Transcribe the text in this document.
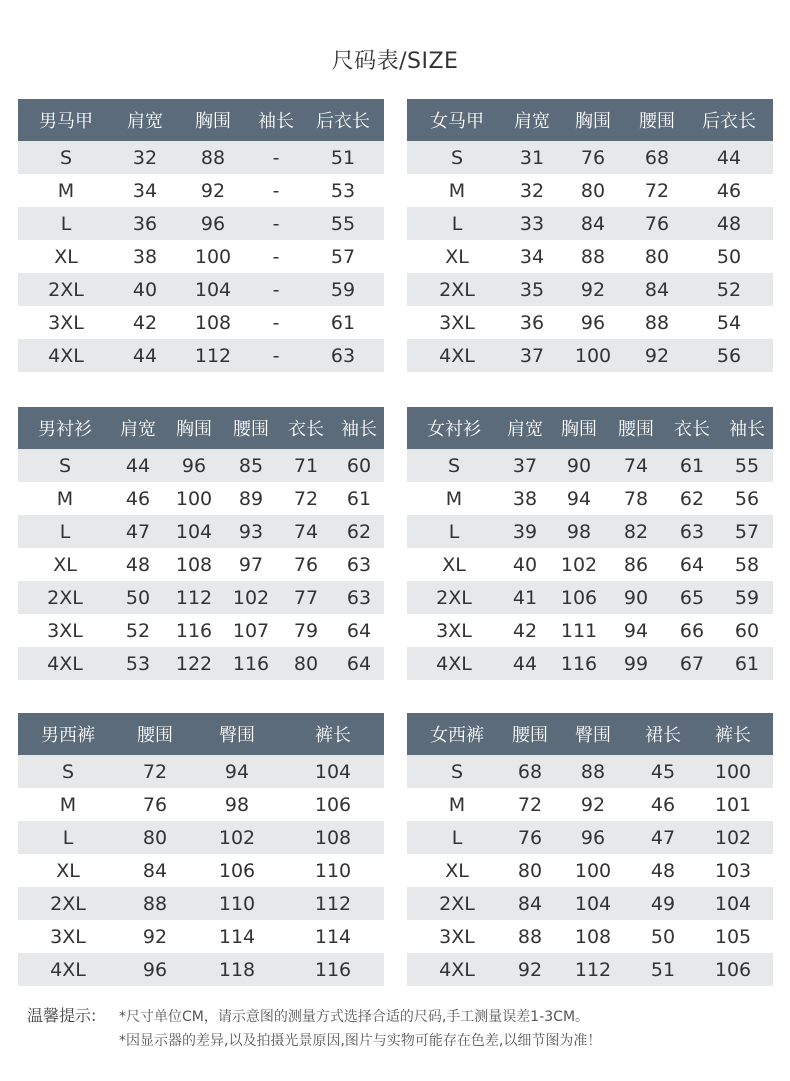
尺码表/SIZE
男马甲	肩宽	胸围	袖长	后衣长
S	32	88	-	51
M	34	92	-	53
L	36	96	-	55
XL	38	100	-	57
2XL	40	104	-	59
3XL	42	108	-	61
4XL	44	112	-	63
女马甲	肩宽	胸围	腰围	后衣长
S	31	76	68	44
M	32	80	72	46
L	33	84	76	48
XL	34	88	80	50
2XL	35	92	84	52
3XL	36	96	88	54
4XL	37	100	92	56
男衬衫	肩宽	胸围	腰围	衣长	袖长
S	44	96	85	71	60
M	46	100	89	72	61
L	47	104	93	74	62
XL	48	108	97	76	63
2XL	50	112	102	77	63
3XL	52	116	107	79	64
4XL	53	122	116	80	64
女衬衫	肩宽	胸围	腰围	衣长	袖长
S	37	90	74	61	55
M	38	94	78	62	56
L	39	98	82	63	57
XL	40	102	86	64	58
2XL	41	106	90	65	59
3XL	42	111	94	66	60
4XL	44	116	99	67	61
男西裤	腰围	臀围	裤长
S	72	94	104
M	76	98	106
L	80	102	108
XL	84	106	110
2XL	88	110	112
3XL	92	114	114
4XL	96	118	116
女西裤	腰围	臀围	裙长	裤长
S	68	88	45	100
M	72	92	46	101
L	76	96	47	102
XL	80	100	48	103
2XL	84	104	49	104
3XL	88	108	50	105
4XL	92	112	51	106
温馨提示: *尺寸单位CM，请示意图的测量方式选择合适的尺码,手工测量误差1-3CM。
*因显示器的差异,以及拍摄光景原因,图片与实物可能存在色差,以细节图为准！
